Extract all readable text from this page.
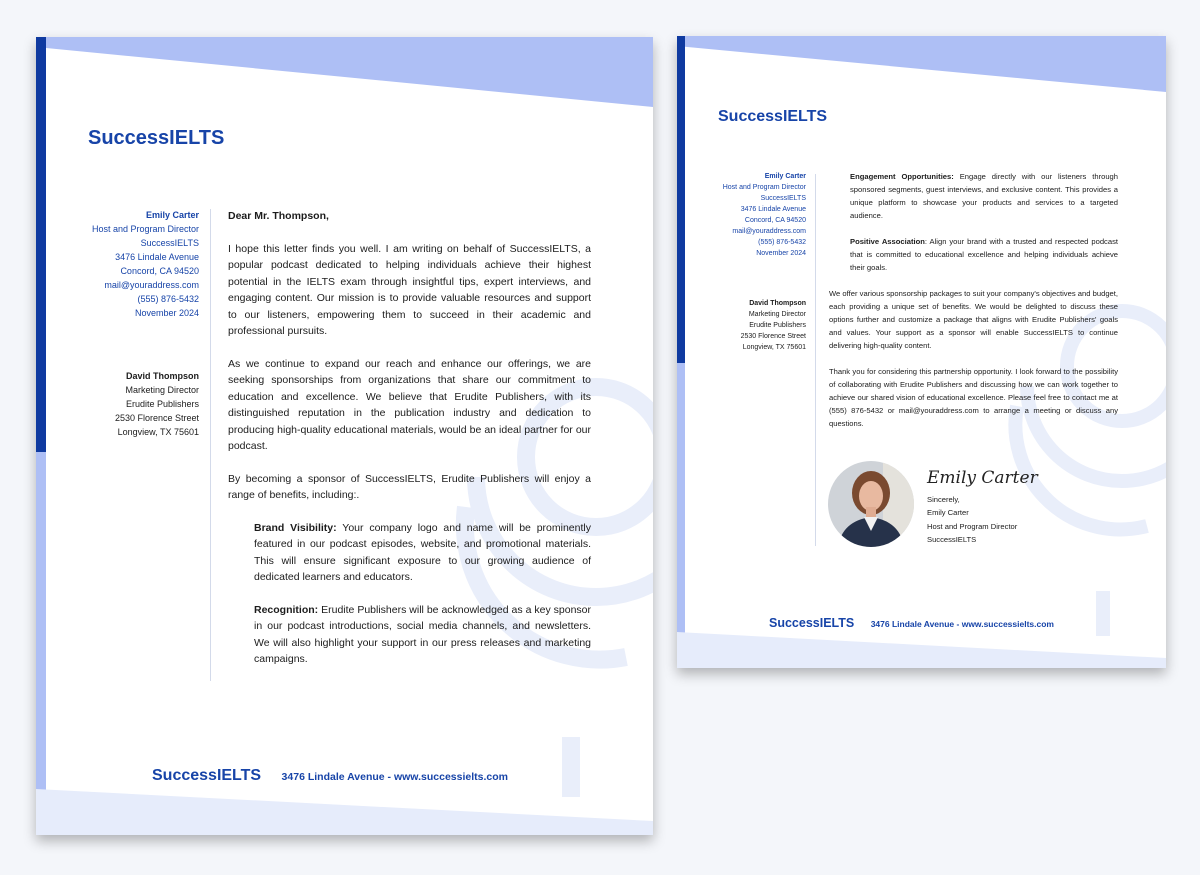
SuccessIELTS
Emily Carter
Host and Program Director
SuccessIELTS
3476 Lindale Avenue
Concord, CA 94520
mail@youraddress.com
(555) 876-5432
November 2024
David Thompson
Marketing Director
Erudite Publishers
2530 Florence Street
Longview, TX 75601
Dear Mr. Thompson,

I hope this letter finds you well. I am writing on behalf of SuccessIELTS, a popular podcast dedicated to helping individuals achieve their highest potential in the IELTS exam through insightful tips, expert interviews, and engaging content. Our mission is to provide valuable resources and support to our listeners, empowering them to succeed in their academic and professional pursuits.

As we continue to expand our reach and enhance our offerings, we are seeking sponsorships from organizations that share our commitment to education and excellence. We believe that Erudite Publishers, with its distinguished reputation in the publication industry and dedication to producing high-quality educational materials, would be an ideal partner for our podcast.

By becoming a sponsor of SuccessIELTS, Erudite Publishers will enjoy a range of benefits, including:.

Brand Visibility: Your company logo and name will be prominently featured in our podcast episodes, website, and promotional materials. This will ensure significant exposure to our growing audience of dedicated learners and educators.

Recognition: Erudite Publishers will be acknowledged as a key sponsor in our podcast introductions, social media channels, and newsletters. We will also highlight your support in our press releases and marketing campaigns.

SuccessIELTS 3476 Lindale Avenue - www.successielts.com
SuccessIELTS
Emily Carter
Host and Program Director
SuccessIELTS
3476 Lindale Avenue
Concord, CA 94520
mail@youraddress.com
(555) 876-5432
November 2024
David Thompson
Marketing Director
Erudite Publishers
2530 Florence Street
Longview, TX 75601

Engagement Opportunities: Engage directly with our listeners through sponsored segments, guest interviews, and exclusive content. This provides a unique platform to showcase your products and services to a targeted audience.

Positive Association: Align your brand with a trusted and respected podcast that is committed to educational excellence and helping individuals achieve their goals.

We offer various sponsorship packages to suit your company's objectives and budget, each providing a unique set of benefits. We would be delighted to discuss these options further and customize a package that aligns with Erudite Publishers' goals and values. Your support as a sponsor will enable SuccessIELTS to continue delivering high-quality content.

Thank you for considering this partnership opportunity. I look forward to the possibility of collaborating with Erudite Publishers and discussing how we can work together to achieve our shared vision of educational excellence. Please feel free to contact me at (555) 876-5432 or mail@youraddress.com to arrange a meeting or discuss any questions.

Emily Carter
Sincerely,
Emily Carter
Host and Program Director
SuccessIELTS
SuccessIELTS 3476 Lindale Avenue - www.successielts.com
